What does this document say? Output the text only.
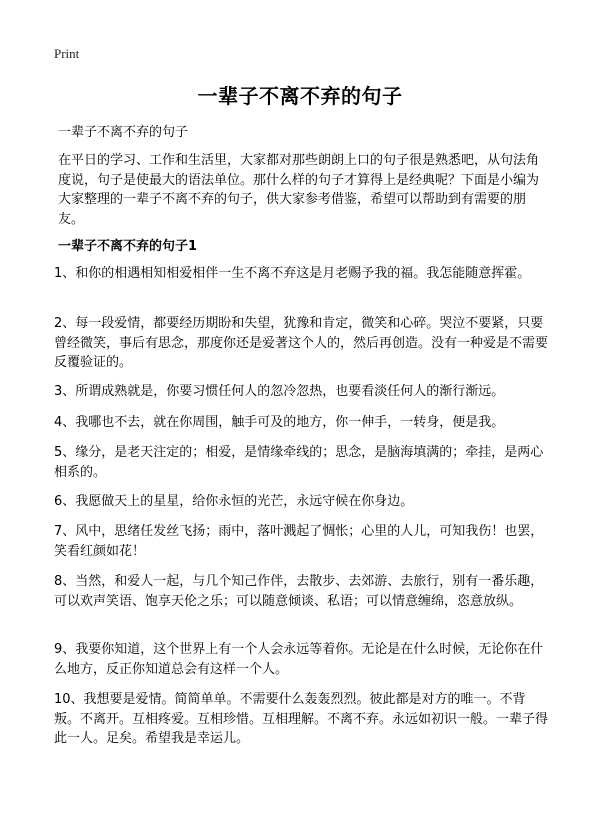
Print
一辈子不离不弃的句子
一辈子不离不弃的句子

在平日的学习、工作和生活里，大家都对那些朗朗上口的句子很是熟悉吧，从句法角度说，句子是使最大的语法单位。那什么样的句子才算得上是经典呢？下面是小编为大家整理的一辈子不离不弃的句子，供大家参考借鉴，希望可以帮助到有需要的朋友。

一辈子不离不弃的句子1

1、和你的相遇相知相爱相伴一生不离不弃这是月老赐予我的福。我怎能随意挥霍。

2、每一段爱情，都要经历期盼和失望，犹豫和肯定，微笑和心碎。哭泣不要紧，只要曾经微笑，事后有思念，那度你还是爱著这个人的，然后再创造。没有一种爱是不需要反覆验证的。

3、所谓成熟就是，你要习惯任何人的忽冷忽热，也要看淡任何人的渐行渐远。

4、我哪也不去，就在你周围，触手可及的地方，你一伸手，一转身，便是我。

5、缘分，是老天注定的；相爱，是情缘牵线的；思念，是脑海填满的；牵挂，是两心相系的。

6、我愿做天上的星星，给你永恒的光芒，永远守候在你身边。

7、风中，思绪任发丝飞扬；雨中，落叶溅起了惆怅；心里的人儿，可知我伤！也罢，笑看红颜如花！

8、当然，和爱人一起，与几个知己作伴，去散步、去郊游、去旅行，别有一番乐趣，可以欢声笑语、饱享天伦之乐；可以随意倾谈、私语；可以情意缠绵，恣意放纵。

9、我要你知道，这个世界上有一个人会永远等着你。无论是在什么时候，无论你在什么地方，反正你知道总会有这样一个人。

10、我想要是爱情。简简单单。不需要什么轰轰烈烈。彼此都是对方的唯一。不背叛。不离开。互相疼爱。互相珍惜。互相理解。不离不弃。永远如初识一般。一辈子得此一人。足矣。希望我是幸运儿。
